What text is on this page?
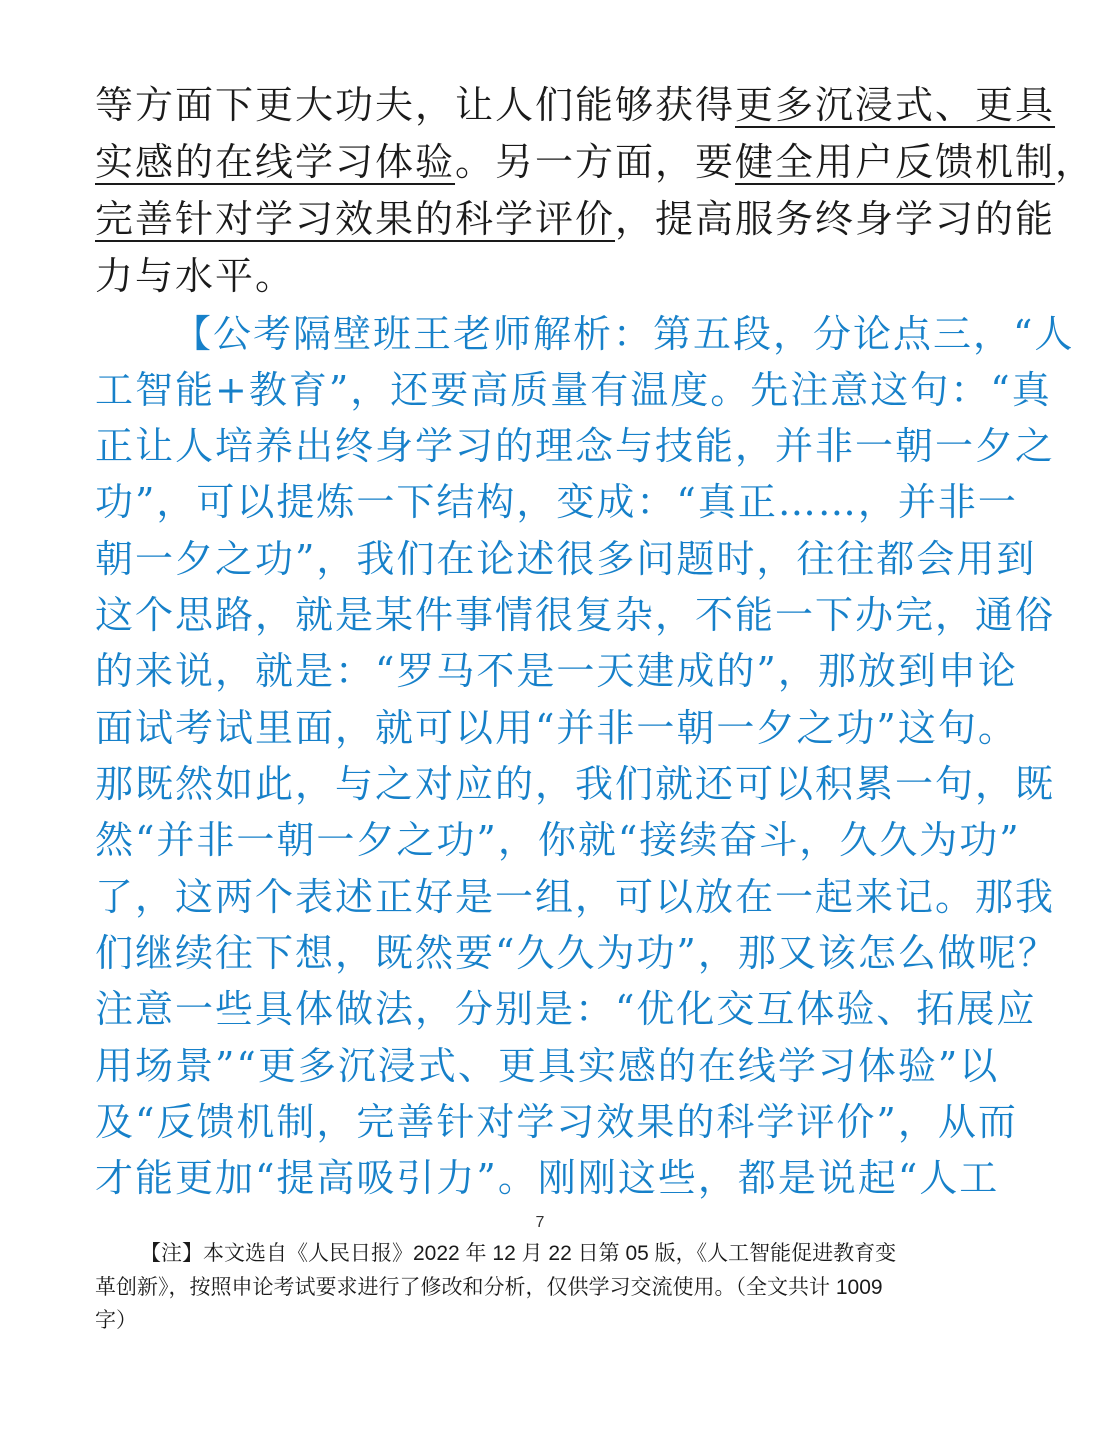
等方面下更大功夫，让人们能够获得更多沉浸式、更具
实感的在线学习体验。另一方面，要健全用户反馈机制，
完善针对学习效果的科学评价，提高服务终身学习的能
力与水平。
【公考隔壁班王老师解析：第五段，分论点三，“人
工智能+教育”，还要高质量有温度。先注意这句：“真
正让人培养出终身学习的理念与技能，并非一朝一夕之
功”，可以提炼一下结构，变成：“真正……，并非一
朝一夕之功”，我们在论述很多问题时，往往都会用到
这个思路，就是某件事情很复杂，不能一下办完，通俗
的来说，就是：“罗马不是一天建成的”，那放到申论
面试考试里面，就可以用“并非一朝一夕之功”这句。
那既然如此，与之对应的，我们就还可以积累一句，既
然“并非一朝一夕之功”，你就“接续奋斗，久久为功”
了，这两个表述正好是一组，可以放在一起来记。那我
们继续往下想，既然要“久久为功”，那又该怎么做呢？
注意一些具体做法，分别是：“优化交互体验、拓展应
用场景”“更多沉浸式、更具实感的在线学习体验”以
及“反馈机制，完善针对学习效果的科学评价”，从而
才能更加“提高吸引力”。刚刚这些，都是说起“人工
7
【注】本文选自《人民日报》2022 年 12 月 22 日第 05 版，《人工智能促进教育变
革创新》，按照申论考试要求进行了修改和分析，仅供学习交流使用。（全文共计 1009
字）
